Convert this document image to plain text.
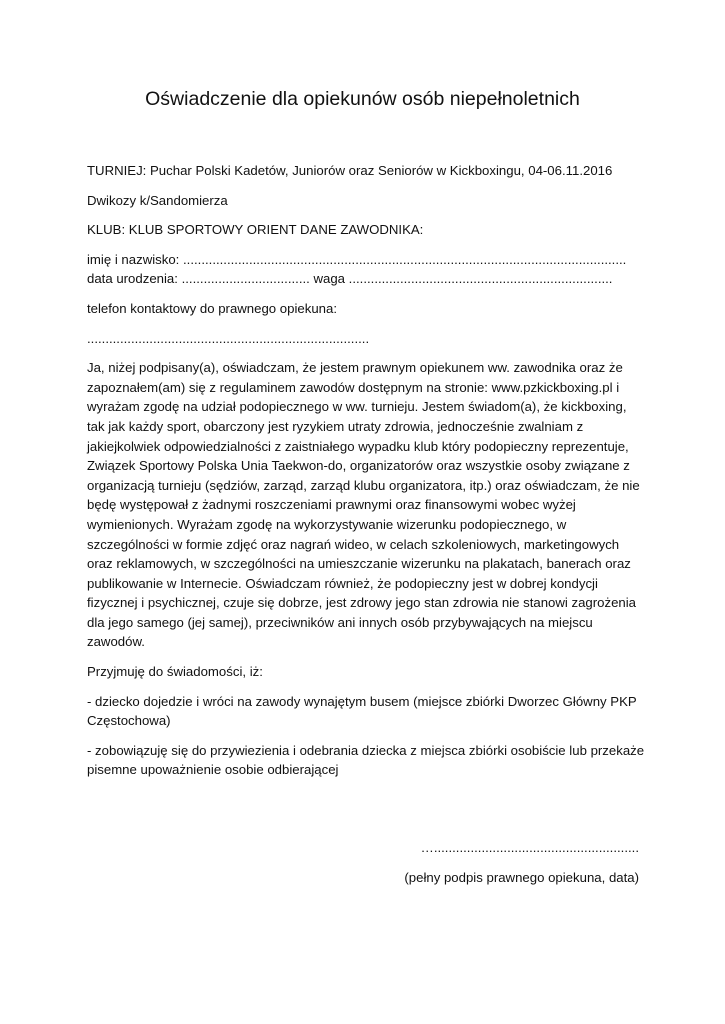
Oświadczenie dla opiekunów osób niepełnoletnich

TURNIEJ: Puchar Polski Kadetów, Juniorów oraz Seniorów w Kickboxingu, 04-06.11.2016

Dwikozy k/Sandomierza

KLUB: KLUB SPORTOWY ORIENT DANE ZAWODNIKA:

imię i nazwisko: .........................................................................................................................

data urodzenia: ................................... waga ........................................................................

telefon kontaktowy do prawnego opiekuna:

.............................................................................

Ja, niżej podpisany(a), oświadczam, że jestem prawnym opiekunem ww. zawodnika oraz że zapoznałem(am) się z regulaminem zawodów dostępnym na stronie: www.pzkickboxing.pl i wyrażam zgodę na udział podopiecznego w ww. turnieju. Jestem świadom(a), że kickboxing, tak jak każdy sport, obarczony jest ryzykiem utraty zdrowia, jednocześnie zwalniam z jakiejkolwiek odpowiedzialności z zaistniałego wypadku klub który podopieczny reprezentuje, Związek Sportowy Polska Unia Taekwon-do, organizatorów oraz wszystkie osoby związane z organizacją turnieju (sędziów, zarząd, zarząd klubu organizatora, itp.) oraz oświadczam, że nie będę występował z żadnymi roszczeniami prawnymi oraz finansowymi wobec wyżej wymienionych. Wyrażam zgodę na wykorzystywanie wizerunku podopiecznego, w szczególności w formie zdjęć oraz nagrań wideo, w celach szkoleniowych, marketingowych oraz reklamowych, w szczególności na umieszczanie wizerunku na plakatach, banerach oraz publikowanie w Internecie. Oświadczam również, że podopieczny jest w dobrej kondycji fizycznej i psychicznej, czuje się dobrze, jest zdrowy jego stan zdrowia nie stanowi zagrożenia dla jego samego (jej samej), przeciwników ani innych osób przybywających na miejscu zawodów.

Przyjmuję do świadomości, iż:

- dziecko dojedzie i wróci na zawody wynajętym busem (miejsce zbiórki Dworzec Główny PKP Częstochowa)

- zobowiązuję się do przywiezienia i odebrania dziecka z miejsca zbiórki osobiście lub przekaże pisemne upoważnienie osobie odbierającej

…........................................................
(pełny podpis prawnego opiekuna, data)
